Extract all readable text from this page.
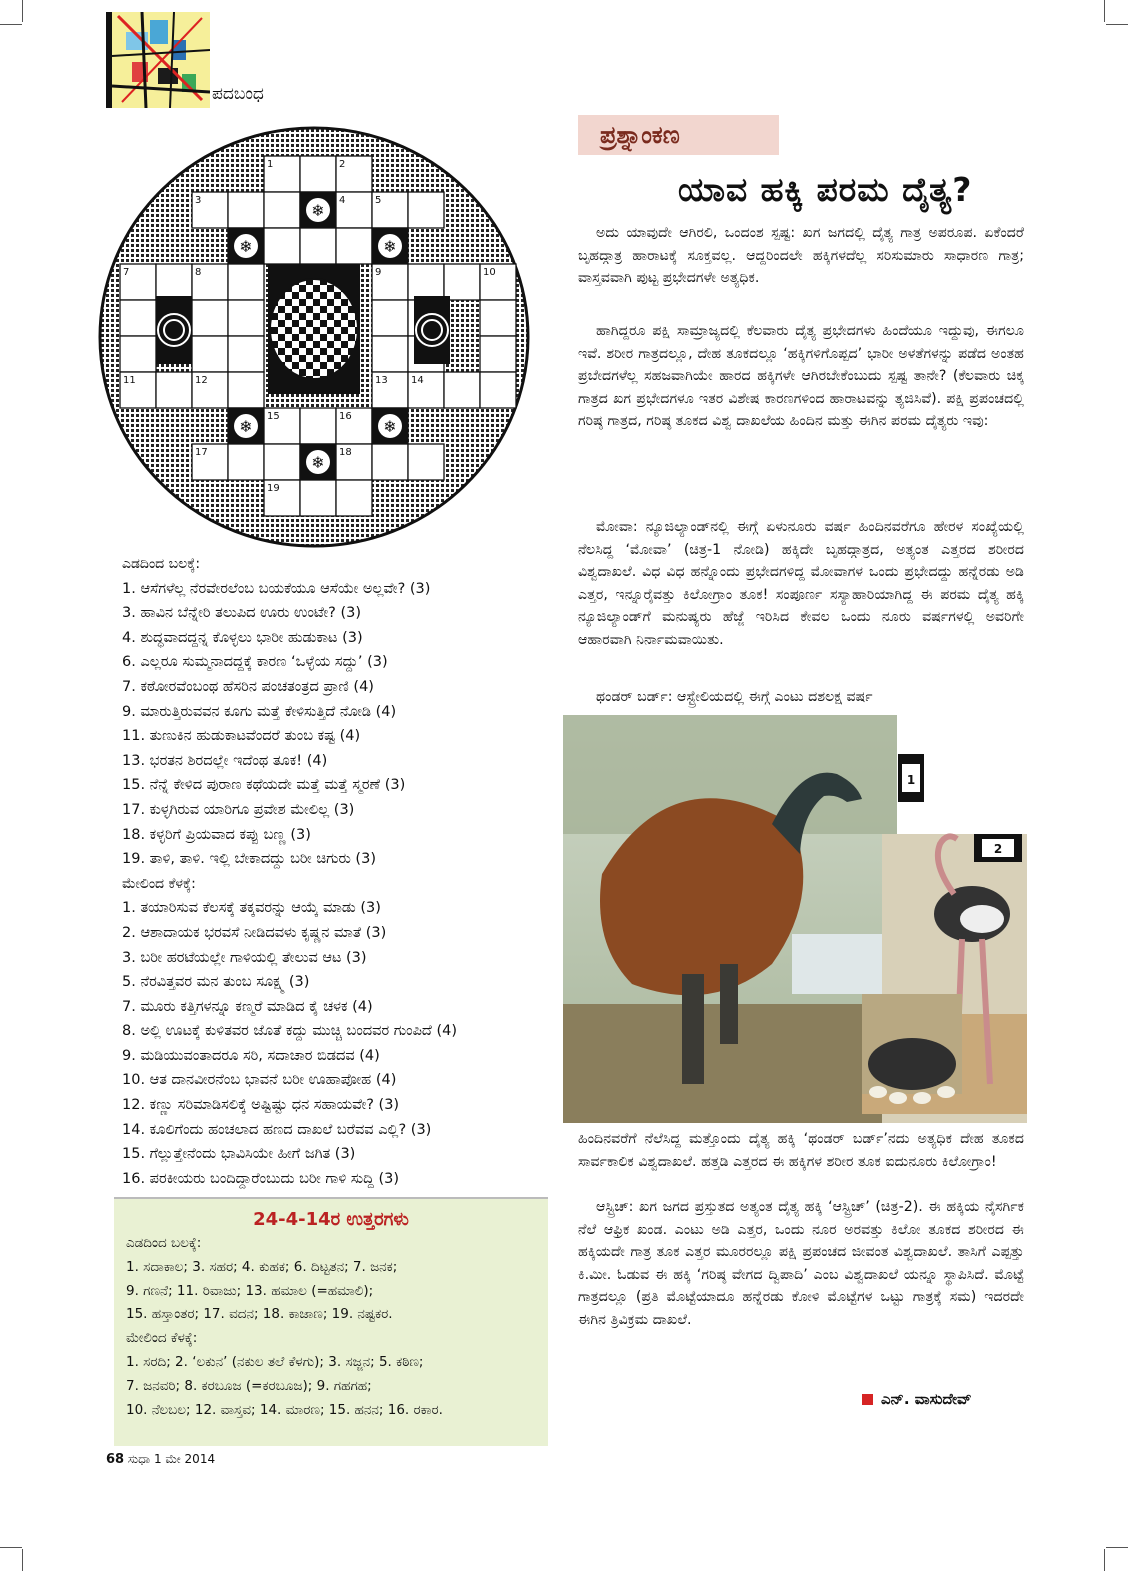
ಪದಬಂಧ
❄
❄	❄
❄	❄
❄
1	2
3	4	5
6
7	8	9	10
11	12	13 14
15	16
17	18
19
ಎಡದಿಂದ ಬಲಕ್ಕೆ:
1. ಆಸೆಗಳೆಲ್ಲ ನೆರವೇರಲೆಂಬ ಬಯಕೆಯೂ ಆಸೆಯೇ ಅಲ್ಲವೇ? (3)
3. ಹಾವಿನ ಬೆನ್ನೇರಿ ತಲುಪಿದ ಊರು ಉಂಟೇ? (3)
4. ಶುದ್ಧವಾದದ್ದನ್ನ ಕೊಳ್ಳಲು ಭಾರೀ ಹುಡುಕಾಟ (3)
6. ಎಲ್ಲರೂ ಸುಮ್ಮನಾದದ್ದಕ್ಕೆ ಕಾರಣ ‘ಒಳ್ಳೆಯ ಸದ್ದು’ (3)
7. ಕಠೋರವೆಂಬಂಥ ಹೆಸರಿನ ಪಂಚತಂತ್ರದ ಪ್ರಾಣಿ (4)
9. ಮಾರುತ್ತಿರುವವನ ಕೂಗು ಮತ್ತೆ ಕೇಳಿಸುತ್ತಿದೆ ನೋಡಿ (4)
11. ತುಣುಕಿನ ಹುಡುಕಾಟವೆಂದರೆ ತುಂಬ ಕಷ್ಟ (4)
13. ಭರತನ ಶಿರದಲ್ಲೇ ಇದೆಂಥ ತೂಕ! (4)
15. ನೆನ್ನೆ ಕೇಳಿದ ಪುರಾಣ ಕಥೆಯದೇ ಮತ್ತೆ ಮತ್ತೆ ಸ್ಮರಣೆ (3)
17. ಕುಳ್ಳಗಿರುವ ಯಾರಿಗೂ ಪ್ರವೇಶ ಮೇಲಿಲ್ಲ (3)
18. ಕಳ್ಳರಿಗೆ ಪ್ರಿಯವಾದ ಕಪ್ಪು ಬಣ್ಣ (3)
19. ತಾಳಿ, ತಾಳಿ. ಇಲ್ಲಿ ಬೇಕಾದದ್ದು ಬರೀ ಚಿಗುರು (3)
ಮೇಲಿಂದ ಕೆಳಕ್ಕೆ:
1. ತಯಾರಿಸುವ ಕೆಲಸಕ್ಕೆ ತಕ್ಕವರನ್ನು ಆಯ್ಕೆ ಮಾಡು (3)
2. ಆಶಾದಾಯಕ ಭರವಸೆ ನೀಡಿದವಳು ಕೃಷ್ಣನ ಮಾತೆ (3)
3. ಬರೀ ಹರಟೆಯಲ್ಲೇ ಗಾಳಿಯಲ್ಲಿ ತೇಲುವ ಆಟ (3)
5. ನೆರವಿತ್ತವರ ಮನ ತುಂಬ ಸೂಕ್ಷ್ಮ (3)
7. ಮೂರು ಕತ್ತಿಗಳನ್ನೂ ಕಣ್ಮರೆ ಮಾಡಿದ ಕೈ ಚಳಕ (4)
8. ಅಲ್ಲಿ ಊಟಕ್ಕೆ ಕುಳಿತವರ ಜೊತೆ ಕದ್ದು ಮುಚ್ಚಿ ಬಂದವರ ಗುಂಪಿದೆ (4)
9. ಮಡಿಯುವಂತಾದರೂ ಸರಿ, ಸದಾಚಾರ ಬಿಡದವ (4)
10. ಆತ ದಾನವೀರನೆಂಬ ಭಾವನೆ ಬರೀ ಊಹಾಪೋಹ (4)
12. ಕಣ್ಣು ಸರಿಮಾಡಿಸಲಿಕ್ಕೆ ಅಷ್ಟಿಷ್ಟು ಧನ ಸಹಾಯವೇ? (3)
14. ಕೂಲಿಗೆಂದು ಹಂಚಲಾದ ಹಣದ ದಾಖಲೆ ಬರೆವವ ಎಲ್ಲಿ? (3)
15. ಗೆಲ್ಲುತ್ತೇನೆಂದು ಭಾವಿಸಿಯೇ ಹೀಗೆ ಜಗಿತ (3)
16. ಪರಕೀಯರು ಬಂದಿದ್ದಾರೆಂಬುದು ಬರೀ ಗಾಳಿ ಸುದ್ದಿ (3)
24-4-14ರ ಉತ್ತರಗಳು
ಎಡದಿಂದ ಬಲಕ್ಕೆ:
1. ಸದಾಕಾಲ; 3. ಸಹರ; 4. ಕುಹಕ; 6. ದಿಟ್ಟತನ; 7. ಜನಕ;
9. ಗಣನೆ; 11. ರಿವಾಜು; 13. ಹಮಾಲ (=ಹಮಾಲಿ);
15. ಹಸ್ತಾಂತರ; 17. ವದನ; 18. ಕಾಜಾಣ; 19. ನಷ್ಟಕರ.
ಮೇಲಿಂದ ಕೆಳಕ್ಕೆ:
1. ಸರದಿ; 2. ‘ಲಕುನ’ (ನಕುಲ ತಲೆ ಕೆಳಗು); 3. ಸಜ್ಜನ; 5. ಕಠಿಣ;
7. ಜನವರಿ; 8. ಕರಬೂಜ (=ಕರಬೂಜ); 9. ಗಹಗಹ;
10. ನೆಲಬಲ; 12. ವಾಸ್ತವ; 14. ಮಾರಣ; 15. ಹನನ; 16. ರಕಾರ.
68 ಸುಧಾ 1 ಮೇ 2014
ಪ್ರಶ್ನಾಂಕಣ
ಯಾವ ಹಕ್ಕಿ ಪರಮ ದೈತ್ಯ?
ಅದು ಯಾವುದೇ ಆಗಿರಲಿ, ಒಂದಂಶ ಸ್ಪಷ್ಟ: ಖಗ ಜಗದಲ್ಲಿ ದೈತ್ಯ ಗಾತ್ರ ಅಪರೂಪ. ಏಕೆಂದರೆ ಬೃಹದ್ಗಾತ್ರ ಹಾರಾಟಕ್ಕೆ ಸೂಕ್ತವಲ್ಲ. ಆದ್ದರಿಂದಲೇ ಹಕ್ಕಿಗಳದೆಲ್ಲ ಸರಿಸುಮಾರು ಸಾಧಾರಣ ಗಾತ್ರ; ವಾಸ್ತವವಾಗಿ ಪುಟ್ಟ ಪ್ರಭೇದಗಳೇ ಅತ್ಯಧಿಕ.
ಹಾಗಿದ್ದರೂ ಪಕ್ಷಿ ಸಾಮ್ರಾಜ್ಯದಲ್ಲಿ ಕೆಲವಾರು ದೈತ್ಯ ಪ್ರಭೇದಗಳು ಹಿಂದೆಯೂ ಇದ್ದುವು, ಈಗಲೂ ಇವೆ. ಶರೀರ ಗಾತ್ರದಲ್ಲೂ, ದೇಹ ತೂಕದಲ್ಲೂ ‘ಹಕ್ಕಿಗಳಿಗೊಪ್ಪದ’ ಭಾರೀ ಅಳತೆಗಳನ್ನು ಪಡೆದ ಅಂತಹ ಪ್ರಬೇದಗಳೆಲ್ಲ ಸಹಜವಾಗಿಯೇ ಹಾರದ ಹಕ್ಕಿಗಳೇ ಆಗಿರಬೇಕೆಂಬುದು ಸ್ಪಷ್ಟ ತಾನೇ? (ಕೆಲವಾರು ಚಿಕ್ಕ ಗಾತ್ರದ ಖಗ ಪ್ರಭೇದಗಳೂ ಇತರ ವಿಶೇಷ ಕಾರಣಗಳಿಂದ ಹಾರಾಟವನ್ನು ತ್ಯಜಿಸಿವೆ). ಪಕ್ಷಿ ಪ್ರಪಂಚದಲ್ಲಿ ಗರಿಷ್ಠ ಗಾತ್ರದ, ಗರಿಷ್ಠ ತೂಕದ ವಿಶ್ವ ದಾಖಲೆಯ ಹಿಂದಿನ ಮತ್ತು ಈಗಿನ ಪರಮ ದೈತ್ಯರು ಇವು:
ಮೋವಾ: ನ್ಯೂಜಿಲ್ಯಾಂಡ್‌ನಲ್ಲಿ ಈಗ್ಗೆ ಏಳುನೂರು ವರ್ಷ ಹಿಂದಿನವರೆಗೂ ಹೇರಳ ಸಂಖ್ಯೆಯಲ್ಲಿ ನೆಲಸಿದ್ದ ‘ಮೋವಾ’ (ಚಿತ್ರ-1 ನೋಡಿ) ಹಕ್ಕಿದೇ ಬೃಹದ್ಗಾತ್ರದ, ಅತ್ಯಂತ ಎತ್ತರದ ಶರೀರದ ವಿಶ್ವದಾಖಲೆ. ವಿಧ ವಿಧ ಹನ್ನೊಂದು ಪ್ರಭೇದಗಳಿದ್ದ ಮೋವಾಗಳ ಒಂದು ಪ್ರಭೇದದ್ದು ಹನ್ನೆರಡು ಅಡಿ ಎತ್ತರ, ಇನ್ನೂರೈವತ್ತು ಕಿಲೋಗ್ರಾಂ ತೂಕ! ಸಂಪೂರ್ಣ ಸಸ್ಯಾಹಾರಿಯಾಗಿದ್ದ ಈ ಪರಮ ದೈತ್ಯ ಹಕ್ಕಿ ನ್ಯೂಜಿಲ್ಯಾಂಡ್‌ಗೆ ಮನುಷ್ಯರು ಹೆಜ್ಜೆ ಇರಿಸಿದ ಕೇವಲ ಒಂದು ನೂರು ವರ್ಷಗಳಲ್ಲಿ ಅವರಿಗೇ ಆಹಾರವಾಗಿ ನಿರ್ನಾಮವಾಯಿತು.
ಥಂಡರ್ ಬರ್ಡ್: ಆಸ್ಟ್ರೇಲಿಯದಲ್ಲಿ ಈಗ್ಗೆ ಎಂಟು ದಶಲಕ್ಷ ವರ್ಷ
1
2
ಹಿಂದಿನವರೆಗೆ ನೆಲೆಸಿದ್ದ ಮತ್ತೊಂದು ದೈತ್ಯ ಹಕ್ಕಿ ‘ಥಂಡರ್ ಬರ್ಡ್’ನದು ಅತ್ಯಧಿಕ ದೇಹ ತೂಕದ ಸಾರ್ವಕಾಲಿಕ ವಿಶ್ವದಾಖಲೆ. ಹತ್ತಡಿ ಎತ್ತರದ ಈ ಹಕ್ಕಿಗಳ ಶರೀರ ತೂಕ ಐದುನೂರು ಕಿಲೋಗ್ರಾಂ!
ಆಸ್ಟ್ರಿಚ್: ಖಗ ಜಗದ ಪ್ರಸ್ತುತದ ಅತ್ಯಂತ ದೈತ್ಯ ಹಕ್ಕಿ ‘ಆಸ್ಟ್ರಿಚ್’ (ಚಿತ್ರ-2). ಈ ಹಕ್ಕಿಯ ನೈಸರ್ಗಿಕ ನೆಲೆ ಆಫ್ರಿಕ ಖಂಡ. ಎಂಟು ಅಡಿ ಎತ್ತರ, ಒಂದು ನೂರ ಅರವತ್ತು ಕಿಲೋ ತೂಕದ ಶರೀರದ ಈ ಹಕ್ಕಿಯದೇ ಗಾತ್ರ ತೂಕ ಎತ್ತರ ಮೂರರಲ್ಲೂ ಪಕ್ಷಿ ಪ್ರಪಂಚದ ಜೀವಂತ ವಿಶ್ವದಾಖಲೆ. ತಾಸಿಗೆ ಎಪ್ಪತ್ತು ಕಿ.ಮೀ. ಓಡುವ ಈ ಹಕ್ಕಿ ‘ಗರಿಷ್ಠ ವೇಗದ ದ್ವಿಪಾದಿ’ ಎಂಬ ವಿಶ್ವದಾಖಲೆ ಯನ್ನೂ ಸ್ಥಾಪಿಸಿದೆ. ಮೊಟ್ಟೆ ಗಾತ್ರದಲ್ಲೂ (ಪ್ರತಿ ಮೊಟ್ಟೆಯಾದೂ ಹನ್ನೆರಡು ಕೋಳಿ ಮೊಟ್ಟೆಗಳ ಒಟ್ಟು ಗಾತ್ರಕ್ಕೆ ಸಮ) ಇದರದೇ ಈಗಿನ ತ್ರಿವಿಕ್ರಮ ದಾಖಲೆ.
ಎನ್. ವಾಸುದೇವ್
